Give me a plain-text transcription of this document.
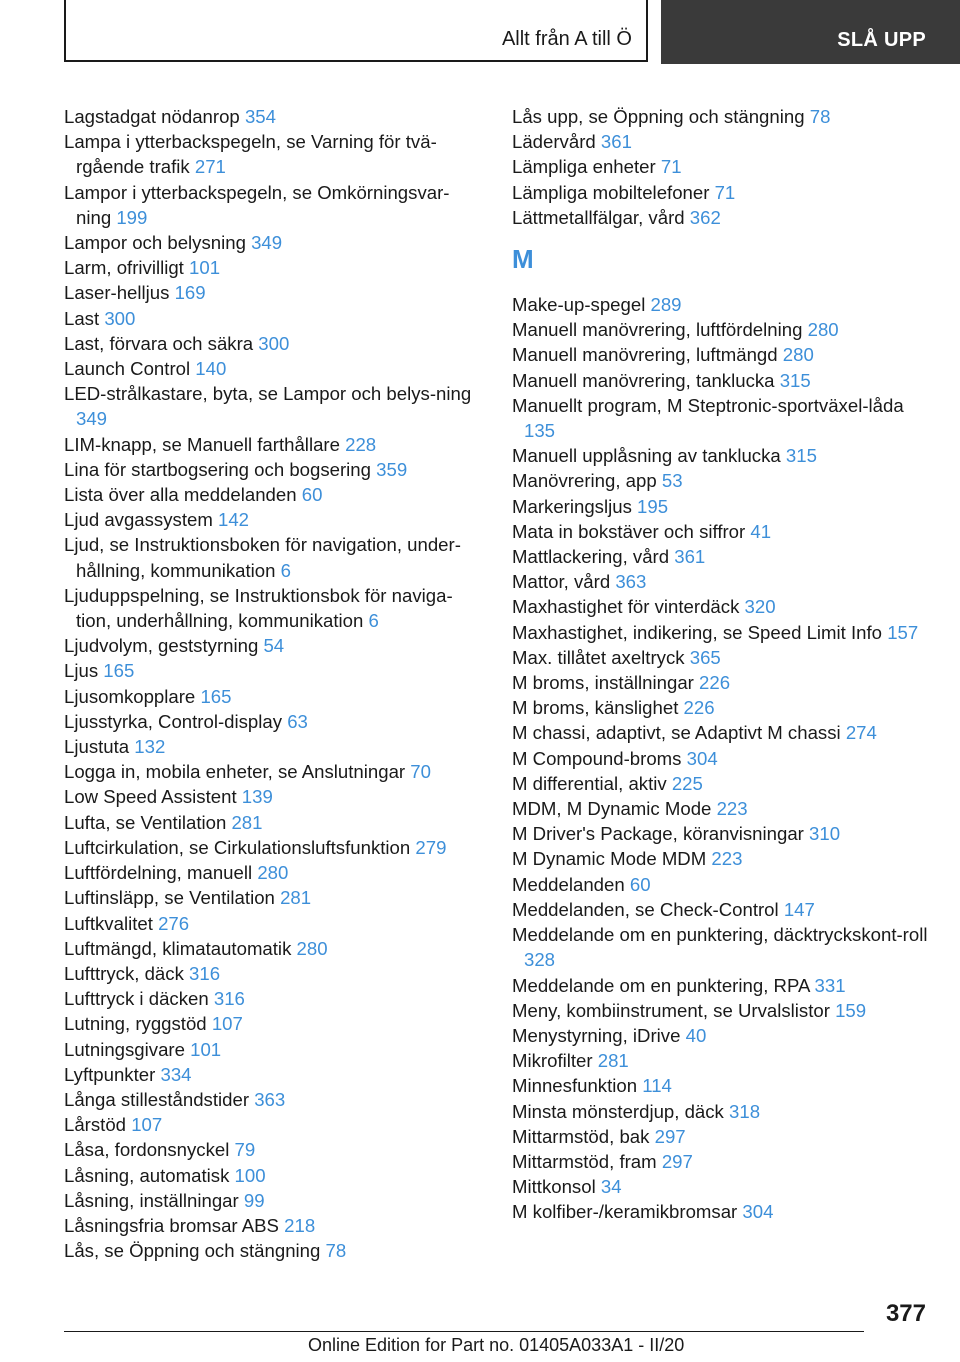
Allt från A till Ö	SLÅ UPP
Lagstadgat nödanrop 354
Lampa i ytterbackspegeln, se Varning för tvä-rgående trafik 271
Lampor i ytterbackspegeln, se Omkörningsvar-ning 199
Lampor och belysning 349
Larm, ofrivilligt 101
Laser-helljus 169
Last 300
Last, förvara och säkra 300
Launch Control 140
LED-strålkastare, byta, se Lampor och belys-ning 349
LIM-knapp, se Manuell farthållare 228
Lina för startbogsering och bogsering 359
Lista över alla meddelanden 60
Ljud avgassystem 142
Ljud, se Instruktionsboken för navigation, under-hållning, kommunikation 6
Ljuduppspelning, se Instruktionsbok för naviga-tion, underhållning, kommunikation 6
Ljudvolym, geststyrning 54
Ljus 165
Ljusomkopplare 165
Ljusstyrka, Control-display 63
Ljustuta 132
Logga in, mobila enheter, se Anslutningar 70
Low Speed Assistent 139
Lufta, se Ventilation 281
Luftcirkulation, se Cirkulationsluftsfunktion 279
Luftfördelning, manuell 280
Luftinsläpp, se Ventilation 281
Luftkvalitet 276
Luftmängd, klimatautomatik 280
Lufttryck, däck 316
Lufttryck i däcken 316
Lutning, ryggstöd 107
Lutningsgivare 101
Lyftpunkter 334
Långa stilleståndstider 363
Lårstöd 107
Låsa, fordonsnyckel 79
Låsning, automatisk 100
Låsning, inställningar 99
Låsningsfria bromsar ABS 218
Lås, se Öppning och stängning 78
Lås upp, se Öppning och stängning 78
Lädervård 361
Lämpliga enheter 71
Lämpliga mobiltelefoner 71
Lättmetallfälgar, vård 362
M
Make-up-spegel 289
Manuell manövrering, luftfördelning 280
Manuell manövrering, luftmängd 280
Manuell manövrering, tanklucka 315
Manuellt program, M Steptronic-sportväxel-låda 135
Manuell upplåsning av tanklucka 315
Manövrering, app 53
Markeringsljus 195
Mata in bokstäver och siffror 41
Mattlackering, vård 361
Mattor, vård 363
Maxhastighet för vinterdäck 320
Maxhastighet, indikering, se Speed Limit Info 157
Max. tillåtet axeltryck 365
M broms, inställningar 226
M broms, känslighet 226
M chassi, adaptivt, se Adaptivt M chassi 274
M Compound-broms 304
M differential, aktiv 225
MDM, M Dynamic Mode 223
M Driver's Package, köranvisningar 310
M Dynamic Mode MDM 223
Meddelanden 60
Meddelanden, se Check-Control 147
Meddelande om en punktering, däcktryckskont-roll 328
Meddelande om en punktering, RPA 331
Meny, kombiinstrument, se Urvalslistor 159
Menystyrning, iDrive 40
Mikrofilter 281
Minnesfunktion 114
Minsta mönsterdjup, däck 318
Mittarmstöd, bak 297
Mittarmstöd, fram 297
Mittkonsol 34
M kolfiber-/keramikbromsar 304
377
Online Edition for Part no. 01405A033A1 - II/20
